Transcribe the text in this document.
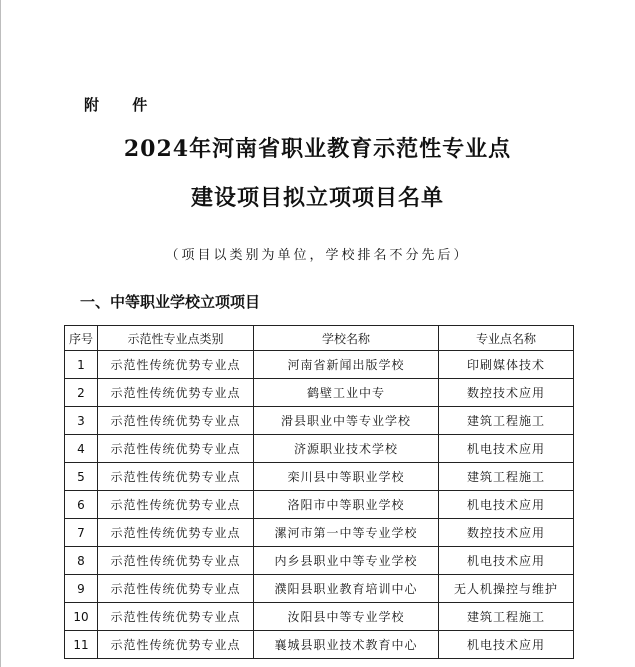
附 件
2024年河南省职业教育示范性专业点
建设项目拟立项项目名单
（项目以类别为单位，学校排名不分先后）
一、中等职业学校立项项目
序号	示范性专业点类别	学校名称	专业点名称
1	示范性传统优势专业点	河南省新闻出版学校	印刷媒体技术
2	示范性传统优势专业点	鹤壁工业中专	数控技术应用
3	示范性传统优势专业点	滑县职业中等专业学校	建筑工程施工
4	示范性传统优势专业点	济源职业技术学校	机电技术应用
5	示范性传统优势专业点	栾川县中等职业学校	建筑工程施工
6	示范性传统优势专业点	洛阳市中等职业学校	机电技术应用
7	示范性传统优势专业点	漯河市第一中等专业学校	数控技术应用
8	示范性传统优势专业点	内乡县职业中等专业学校	机电技术应用
9	示范性传统优势专业点	濮阳县职业教育培训中心	无人机操控与维护
10	示范性传统优势专业点	汝阳县中等专业学校	建筑工程施工
11	示范性传统优势专业点	襄城县职业技术教育中心	机电技术应用
